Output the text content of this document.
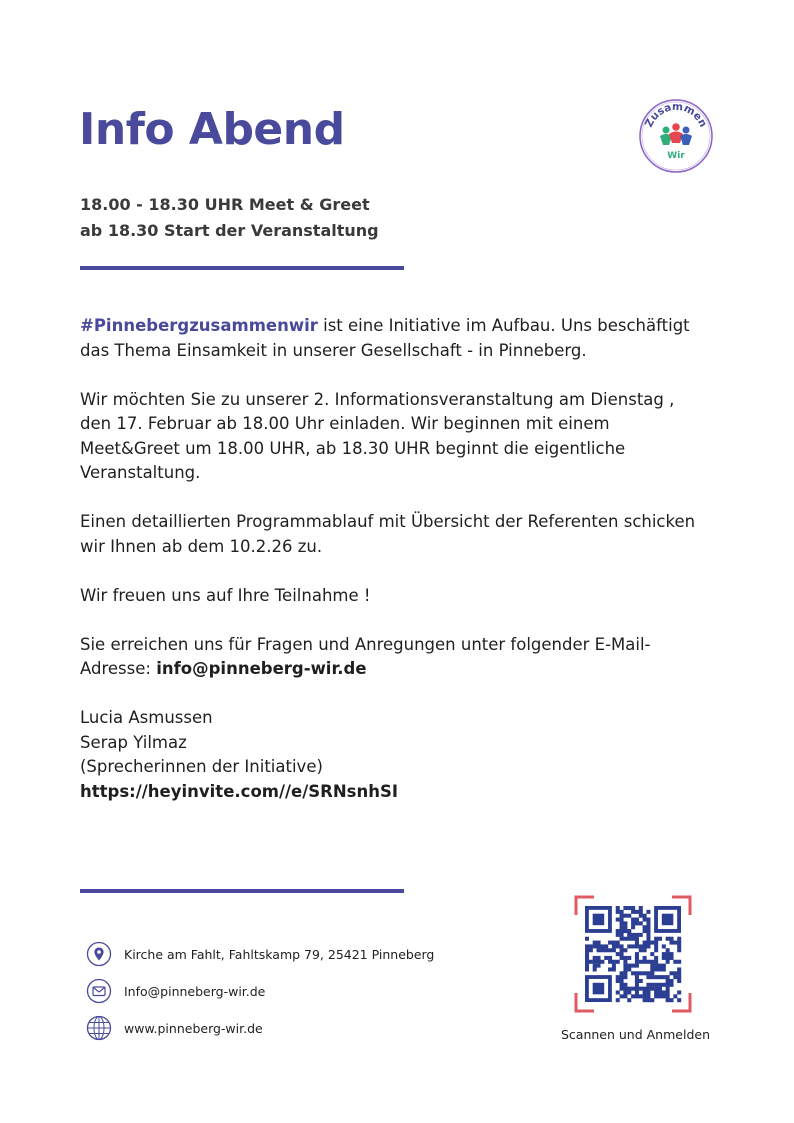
Info Abend	Zusammen
Wir
18.00 - 18.30 UHR Meet & Greet
ab 18.30 Start der Veranstaltung

#Pinnebergzusammenwir ist eine Initiative im Aufbau. Uns beschäftigt das Thema Einsamkeit in unserer Gesellschaft - in Pinneberg.

Wir möchten Sie zu unserer 2. Informationsveranstaltung am Dienstag , den 17. Februar ab 18.00 Uhr einladen. Wir beginnen mit einem Meet&Greet um 18.00 UHR, ab 18.30 UHR beginnt die eigentliche Veranstaltung.

Einen detaillierten Programmablauf mit Übersicht der Referenten schicken wir Ihnen ab dem 10.2.26 zu.

Wir freuen uns auf Ihre Teilnahme !

Sie erreichen uns für Fragen und Anregungen unter folgender E-Mail-Adresse: info@pinneberg-wir.de

Lucia Asmussen
Serap Yilmaz
(Sprecherinnen der Initiative)
https://heyinvite.com//e/SRNsnhSI

Kirche am Fahlt, Fahltskamp 79, 25421 Pinneberg
Info@pinneberg-wir.de
www.pinneberg-wir.de	Scannen und Anmelden
